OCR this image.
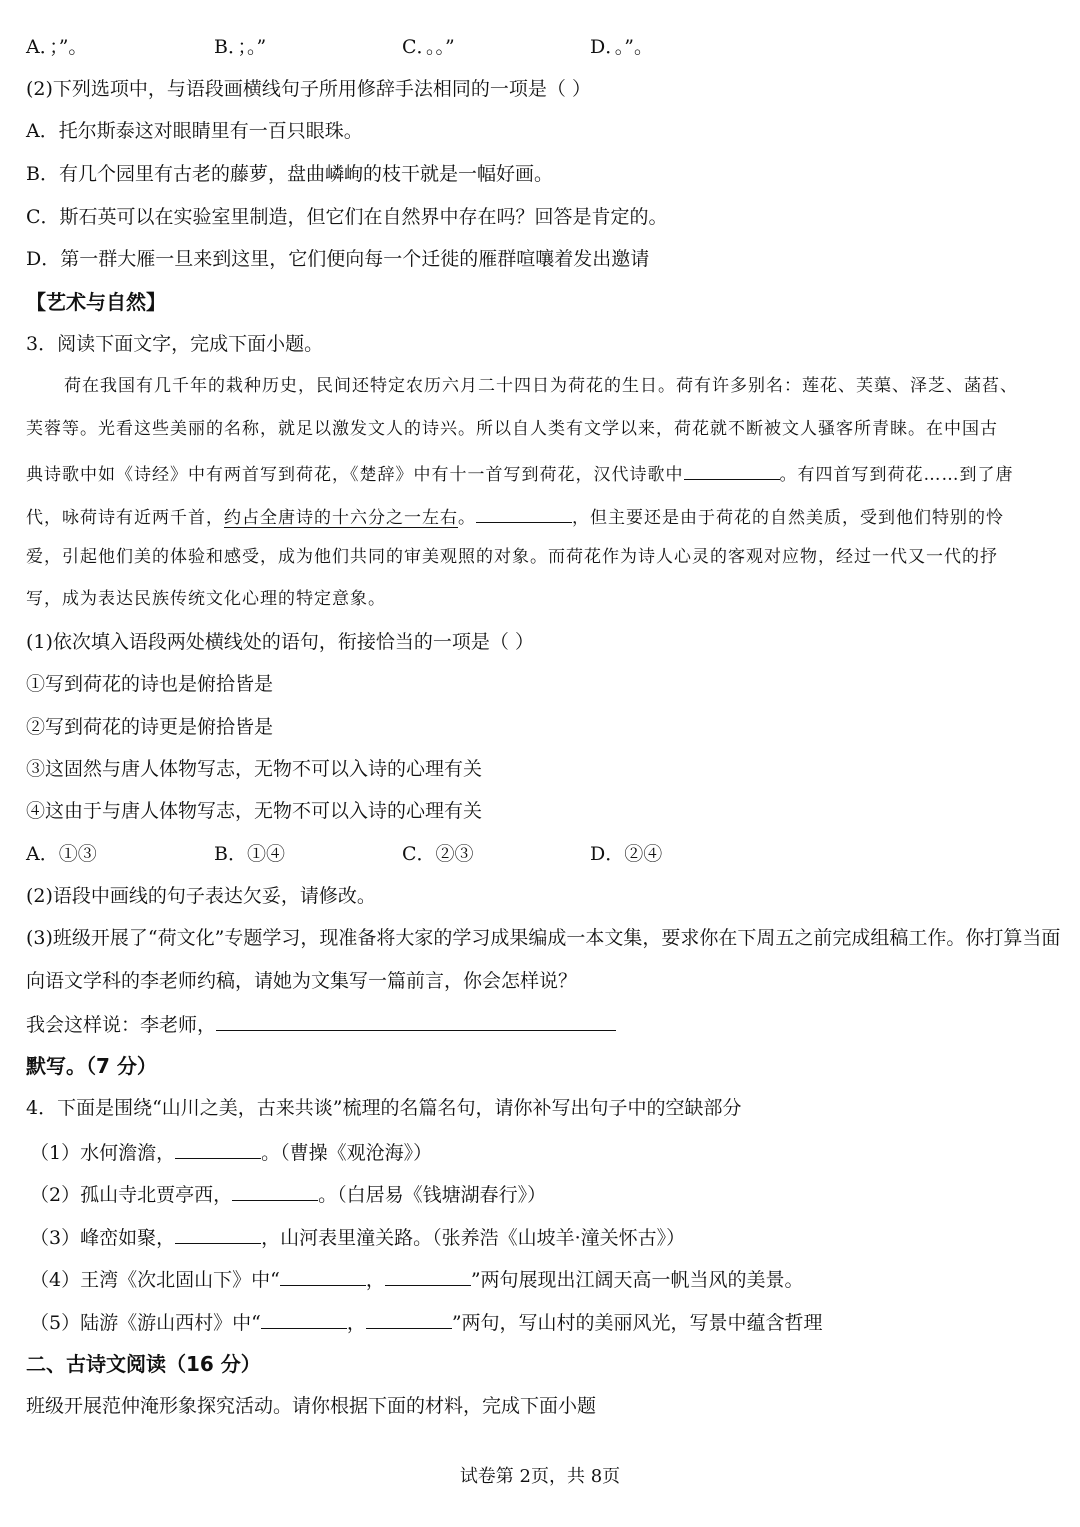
A．；”。	B．；。”	C．。。”	D．。”。
(2)下列选项中，与语段画横线句子所用修辞手法相同的一项是（ ）
A．托尔斯泰这对眼睛里有一百只眼珠。
B．有几个园里有古老的藤萝，盘曲嶙峋的枝干就是一幅好画。
C．斯石英可以在实验室里制造，但它们在自然界中存在吗？回答是肯定的。
D．第一群大雁一旦来到这里，它们便向每一个迁徙的雁群喧嚷着发出邀请
【艺术与自然】
3．阅读下面文字，完成下面小题。
荷在我国有几千年的栽种历史，民间还特定农历六月二十四日为荷花的生日。荷有许多别名：莲花、芙蕖、泽芝、菡萏、
芙蓉等。光看这些美丽的名称，就足以激发文人的诗兴。所以自人类有文学以来，荷花就不断被文人骚客所青睐。在中国古
典诗歌中如《诗经》中有两首写到荷花，《楚辞》中有十一首写到荷花，汉代诗歌中	。有四首写到荷花……到了唐
代，咏荷诗有近两千首，约占全唐诗的十六分之一左右。	，但主要还是由于荷花的自然美质，受到他们特别的怜
爱，引起他们美的体验和感受，成为他们共同的审美观照的对象。而荷花作为诗人心灵的客观对应物，经过一代又一代的抒
写，成为表达民族传统文化心理的特定意象。
(1)依次填入语段两处横线处的语句，衔接恰当的一项是（ ）
①写到荷花的诗也是俯拾皆是
②写到荷花的诗更是俯拾皆是
③这固然与唐人体物写志，无物不可以入诗的心理有关
④这由于与唐人体物写志，无物不可以入诗的心理有关
A．①③	B．①④	C．②③	D．②④
(2)语段中画线的句子表达欠妥，请修改。
(3)班级开展了“荷文化”专题学习，现准备将大家的学习成果编成一本文集，要求你在下周五之前完成组稿工作。你打算当面
向语文学科的李老师约稿，请她为文集写一篇前言，你会怎样说？
我会这样说：李老师，
默写。（7 分）
4．下面是围绕“山川之美，古来共谈”梳理的名篇名句，请你补写出句子中的空缺部分
（1）水何澹澹，	。（曹操《观沧海》）
（2）孤山寺北贾亭西，	。（白居易《钱塘湖春行》）
（3）峰峦如聚，	，山河表里潼关路。（张养浩《山坡羊·潼关怀古》）
（4）王湾《次北固山下》中“	，	”两句展现出江阔天高一帆当风的美景。
（5）陆游《游山西村》中“	，	”两句，写山村的美丽风光，写景中蕴含哲理
二、古诗文阅读（16 分）
班级开展范仲淹形象探究活动。请你根据下面的材料，完成下面小题
试卷第 2页，共 8页
